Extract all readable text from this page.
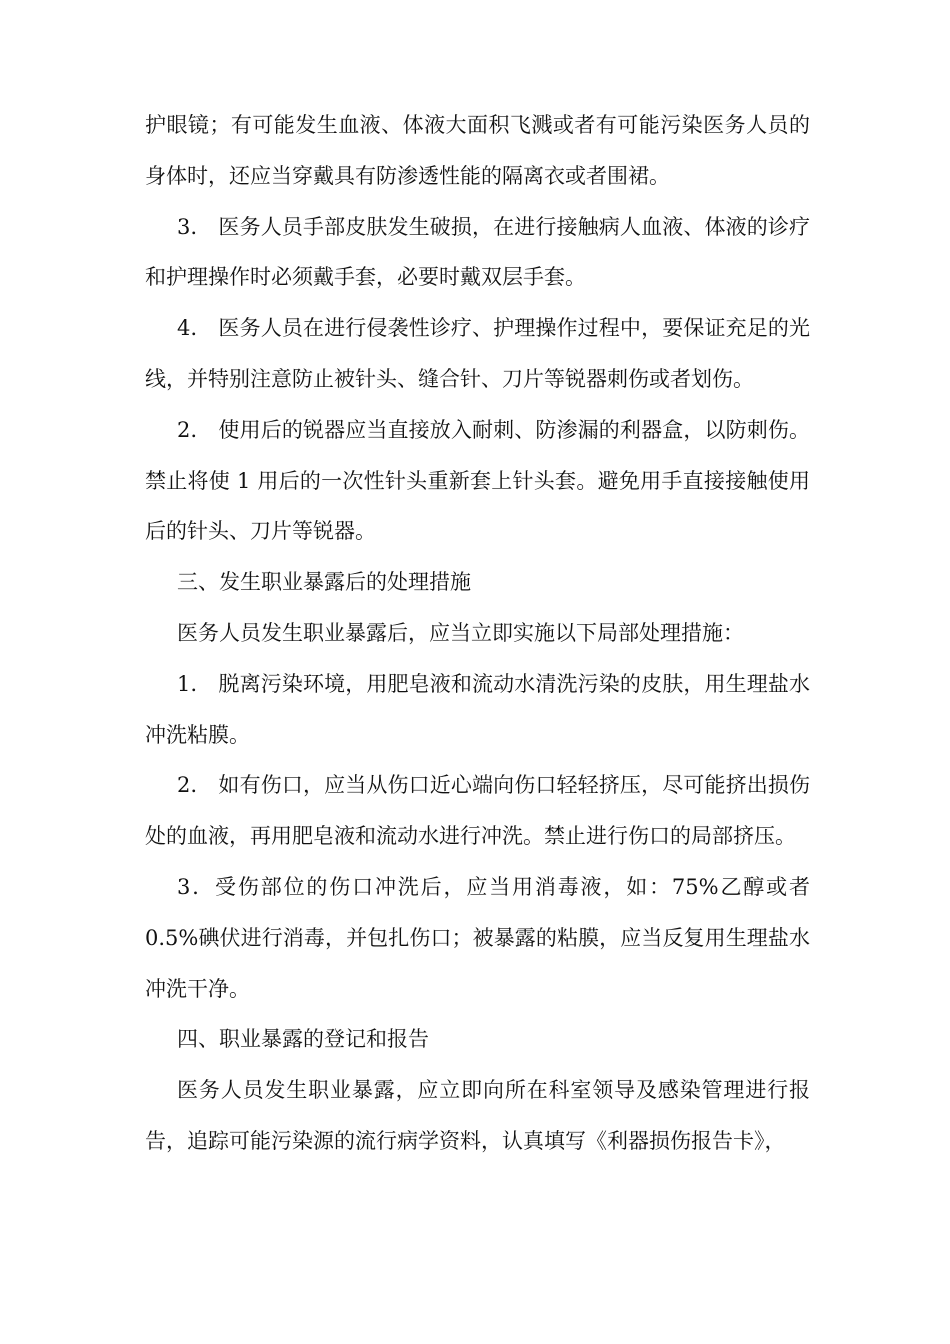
护眼镜；有可能发生血液、体液大面积飞溅或者有可能污染医务人员的身体时，还应当穿戴具有防渗透性能的隔离衣或者围裙。

3． 医务人员手部皮肤发生破损，在进行接触病人血液、体液的诊疗和护理操作时必须戴手套，必要时戴双层手套。

4． 医务人员在进行侵袭性诊疗、护理操作过程中，要保证充足的光线，并特别注意防止被针头、缝合针、刀片等锐器刺伤或者划伤。

2． 使用后的锐器应当直接放入耐刺、防渗漏的利器盒，以防刺伤。禁止将使 1 用后的一次性针头重新套上针头套。避免用手直接接触使用后的针头、刀片等锐器。

三、发生职业暴露后的处理措施

医务人员发生职业暴露后，应当立即实施以下局部处理措施：

1． 脱离污染环境，用肥皂液和流动水清洗污染的皮肤，用生理盐水冲洗粘膜。

2． 如有伤口，应当从伤口近心端向伤口轻轻挤压，尽可能挤出损伤处的血液，再用肥皂液和流动水进行冲洗。禁止进行伤口的局部挤压。

3．受伤部位的伤口冲洗后，应当用消毒液，如：75%乙醇或者 0.5%碘伏进行消毒，并包扎伤口；被暴露的粘膜，应当反复用生理盐水冲洗干净。

四、职业暴露的登记和报告

医务人员发生职业暴露，应立即向所在科室领导及感染管理进行报告，追踪可能污染源的流行病学资料，认真填写《利器损伤报告卡》，
